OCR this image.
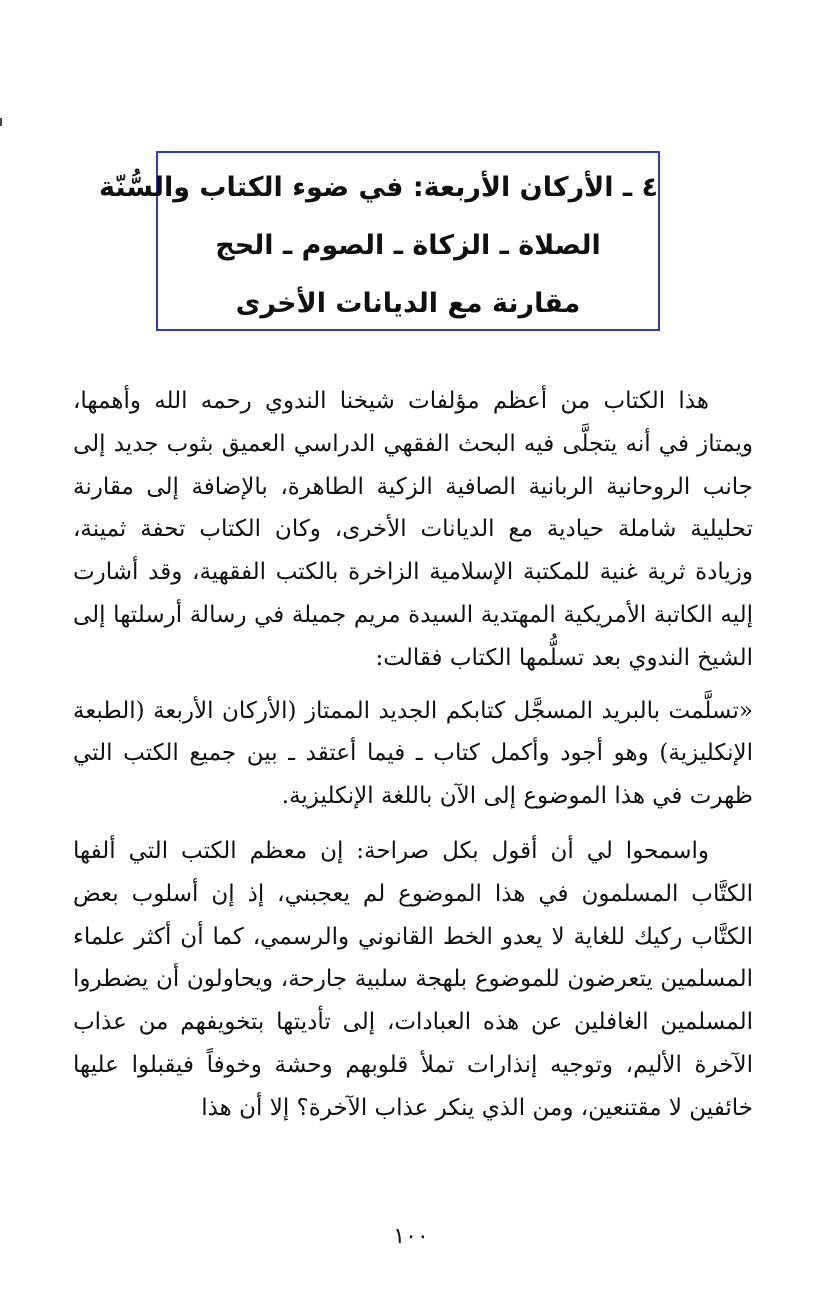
٤ ـ الأركان الأربعة: في ضوء الكتاب والسُّنّة
الصلاة ـ الزكاة ـ الصوم ـ الحج
مقارنة مع الديانات الأخرى

هذا الكتاب من أعظم مؤلفات شيخنا الندوي رحمه الله وأهمها، ويمتاز في أنه يتجلَّى فيه البحث الفقهي الدراسي العميق بثوب جديد إلى جانب الروحانية الربانية الصافية الزكية الطاهرة، بالإضافة إلى مقارنة تحليلية شاملة حيادية مع الديانات الأخرى، وكان الكتاب تحفة ثمينة، وزيادة ثرية غنية للمكتبة الإسلامية الزاخرة بالكتب الفقهية، وقد أشارت إليه الكاتبة الأمريكية المهتدية السيدة مريم جميلة في رسالة أرسلتها إلى الشيخ الندوي بعد تسلُّمها الكتاب فقالت:

«تسلَّمت بالبريد المسجَّل كتابكم الجديد الممتاز (الأركان الأربعة (الطبعة الإنكليزية) وهو أجود وأكمل كتاب ـ فيما أعتقد ـ بين جميع الكتب التي ظهرت في هذا الموضوع إلى الآن باللغة الإنكليزية.

واسمحوا لي أن أقول بكل صراحة: إن معظم الكتب التي ألفها الكتَّاب المسلمون في هذا الموضوع لم يعجبني، إذ إن أسلوب بعض الكتَّاب ركيك للغاية لا يعدو الخط القانوني والرسمي، كما أن أكثر علماء المسلمين يتعرضون للموضوع بلهجة سلبية جارحة، ويحاولون أن يضطروا المسلمين الغافلين عن هذه العبادات، إلى تأديتها بتخويفهم من عذاب الآخرة الأليم، وتوجيه إنذارات تملأ قلوبهم وحشة وخوفاً فيقبلوا عليها خائفين لا مقتنعين، ومن الذي ينكر عذاب الآخرة؟ إلا أن هذا

١٠٠
